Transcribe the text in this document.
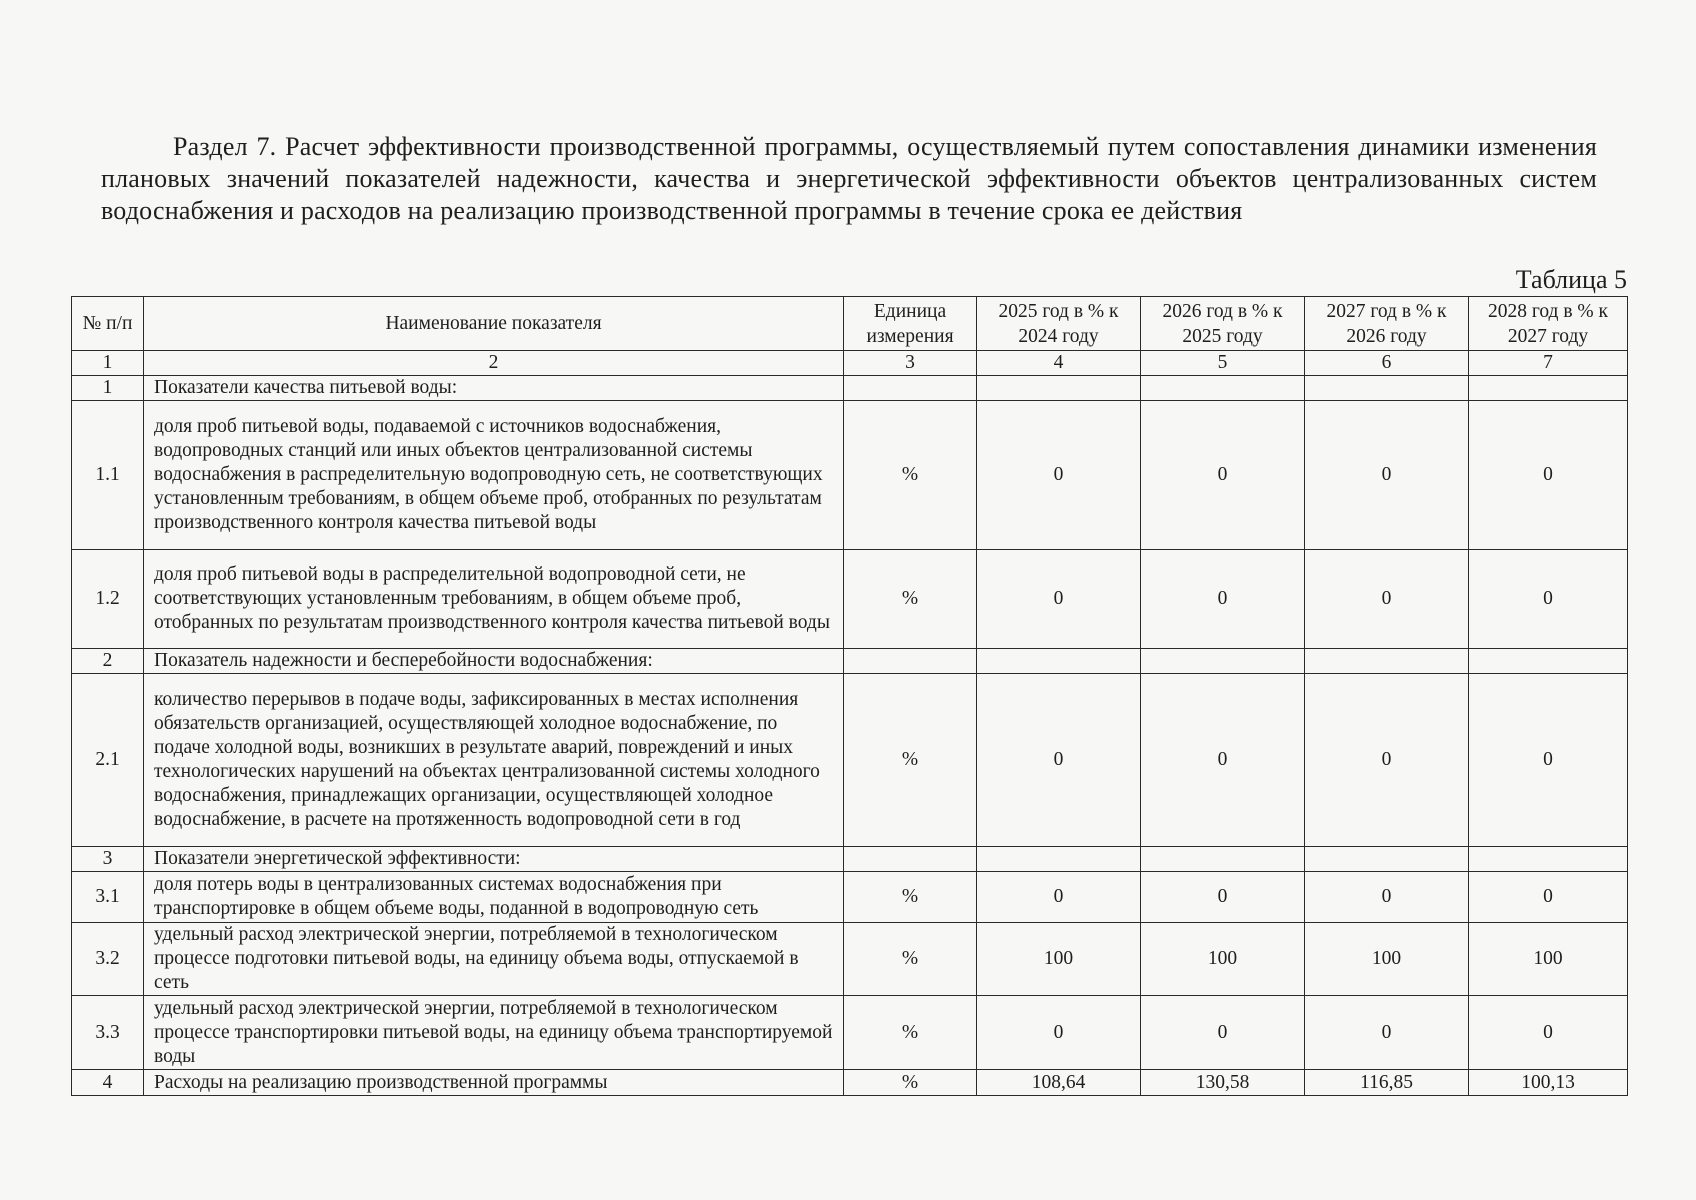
Раздел 7. Расчет эффективности производственной программы, осуществляемый путем сопоставления динамики изменения плановых значений показателей надежности, качества и энергетической эффективности объектов централизованных систем водоснабжения и расходов на реализацию производственной программы в течение срока ее действия
Таблица 5
№ п/п	Наименование показателя	Единица измерения	2025 год в % к 2024 году	2026 год в % к 2025 году	2027 год в % к 2026 году	2028 год в % к 2027 году
1	2	3	4	5	6	7
1	Показатели качества питьевой воды:					
1.1	доля проб питьевой воды, подаваемой с источников водоснабжения, водопроводных станций или иных объектов централизованной системы водоснабжения в распределительную водопроводную сеть, не соответствующих установленным требованиям, в общем объеме проб, отобранных по результатам производственного контроля качества питьевой воды	%	0	0	0	0
1.2	доля проб питьевой воды в распределительной водопроводной сети, не соответствующих установленным требованиям, в общем объеме проб, отобранных по результатам производственного контроля качества питьевой воды	%	0	0	0	0
2	Показатель надежности и бесперебойности водоснабжения:					
2.1	количество перерывов в подаче воды, зафиксированных в местах исполнения обязательств организацией, осуществляющей холодное водоснабжение, по подаче холодной воды, возникших в результате аварий, повреждений и иных технологических нарушений на объектах централизованной системы холодного водоснабжения, принадлежащих организации, осуществляющей холодное водоснабжение, в расчете на протяженность водопроводной сети в год	%	0	0	0	0
3	Показатели энергетической эффективности:					
3.1	доля потерь воды в централизованных системах водоснабжения при транспортировке в общем объеме воды, поданной в водопроводную сеть	%	0	0	0	0
3.2	удельный расход электрической энергии, потребляемой в технологическом процессе подготовки питьевой воды, на единицу объема воды, отпускаемой в сеть	%	100	100	100	100
3.3	удельный расход электрической энергии, потребляемой в технологическом процессе транспортировки питьевой воды, на единицу объема транспортируемой воды	%	0	0	0	0
4	Расходы на реализацию производственной программы	%	108,64	130,58	116,85	100,13
